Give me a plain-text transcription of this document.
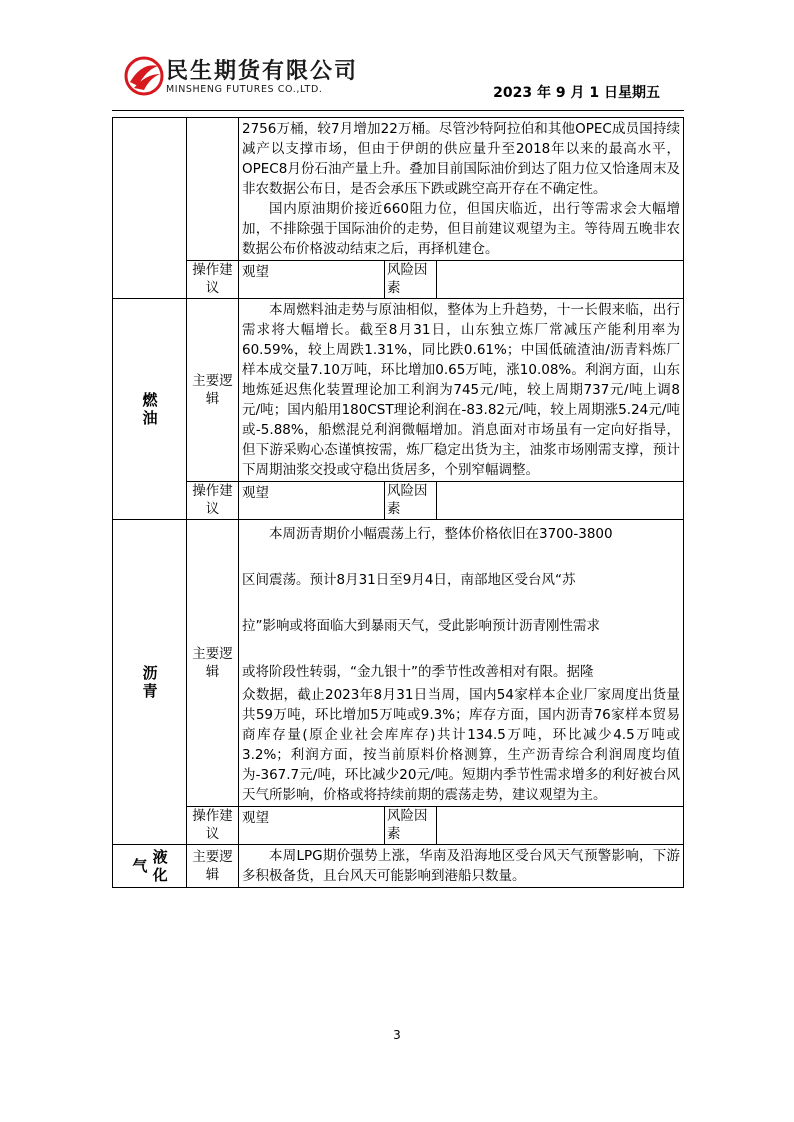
民生期货有限公司
MINSHENG FUTURES CO.,LTD.	2023 年 9 月 1 日星期五

		2756万桶，较7月增加22万桶。尽管沙特阿拉伯和其他OPEC成员国持续减产以支撑市场，但由于伊朗的供应量升至2018年以来的最高水平，OPEC8月份石油产量上升。叠加目前国际油价到达了阻力位又恰逢周末及非农数据公布日，是否会承压下跌或跳空高开存在不确定性。

国内原油期价接近660阻力位，但国庆临近，出行等需求会大幅增加，不排除强于国际油价的走势，但目前建议观望为主。等待周五晚非农数据公布价格波动结束之后，再择机建仓。		

	操作建议	观望	风险因素	
燃油	主要逻辑	本周燃料油走势与原油相似，整体为上升趋势，十一长假来临，出行需求将大幅增长。截至8月31日，山东独立炼厂常减压产能利用率为60.59%，较上周跌1.31%，同比跌0.61%；中国低硫渣油/沥青料炼厂样本成交量7.10万吨，环比增加0.65万吨，涨10.08%。利润方面，山东地炼延迟焦化装置理论加工利润为745元/吨，较上周期737元/吨上调8元/吨；国内船用180CST理论利润在-83.82元/吨，较上周期涨5.24元/吨或-5.88%，船燃混兑利润微幅增加。消息面对市场虽有一定向好指导，但下游采购心态谨慎按需，炼厂稳定出货为主，油浆市场刚需支撑，预计下周期油浆交投或守稳出货居多，个别窄幅调整。		

	操作建议	观望	风险因素	
沥青	主要逻辑	本周沥青期价小幅震荡上行，整体价格依旧在3700-3800

区间震荡。预计8月31日至9月4日，南部地区受台风“苏

拉”影响或将面临大到暴雨天气，受此影响预计沥青刚性需求

或将阶段性转弱，“金九银十”的季节性改善相对有限。据隆

众数据，截止2023年8月31日当周，国内54家样本企业厂家周度出货量共59万吨，环比增加5万吨或9.3%；库存方面，国内沥青76家样本贸易商库存量(原企业社会库库存)共计134.5万吨，环比减少4.5万吨或3.2%；利润方面，按当前原料价格测算，生产沥青综合利润周度均值为-367.7元/吨，环比减少20元/吨。短期内季节性需求增多的利好被台风天气所影响，价格或将持续前期的震荡走势，建议观望为主。		

	操作建议	观望	风险因素	
气 液化	主要逻辑	本周LPG期价强势上涨，华南及沿海地区受台风天气预警影响，下游多积极备货，且台风天可能影响到港船只数量。		

3
